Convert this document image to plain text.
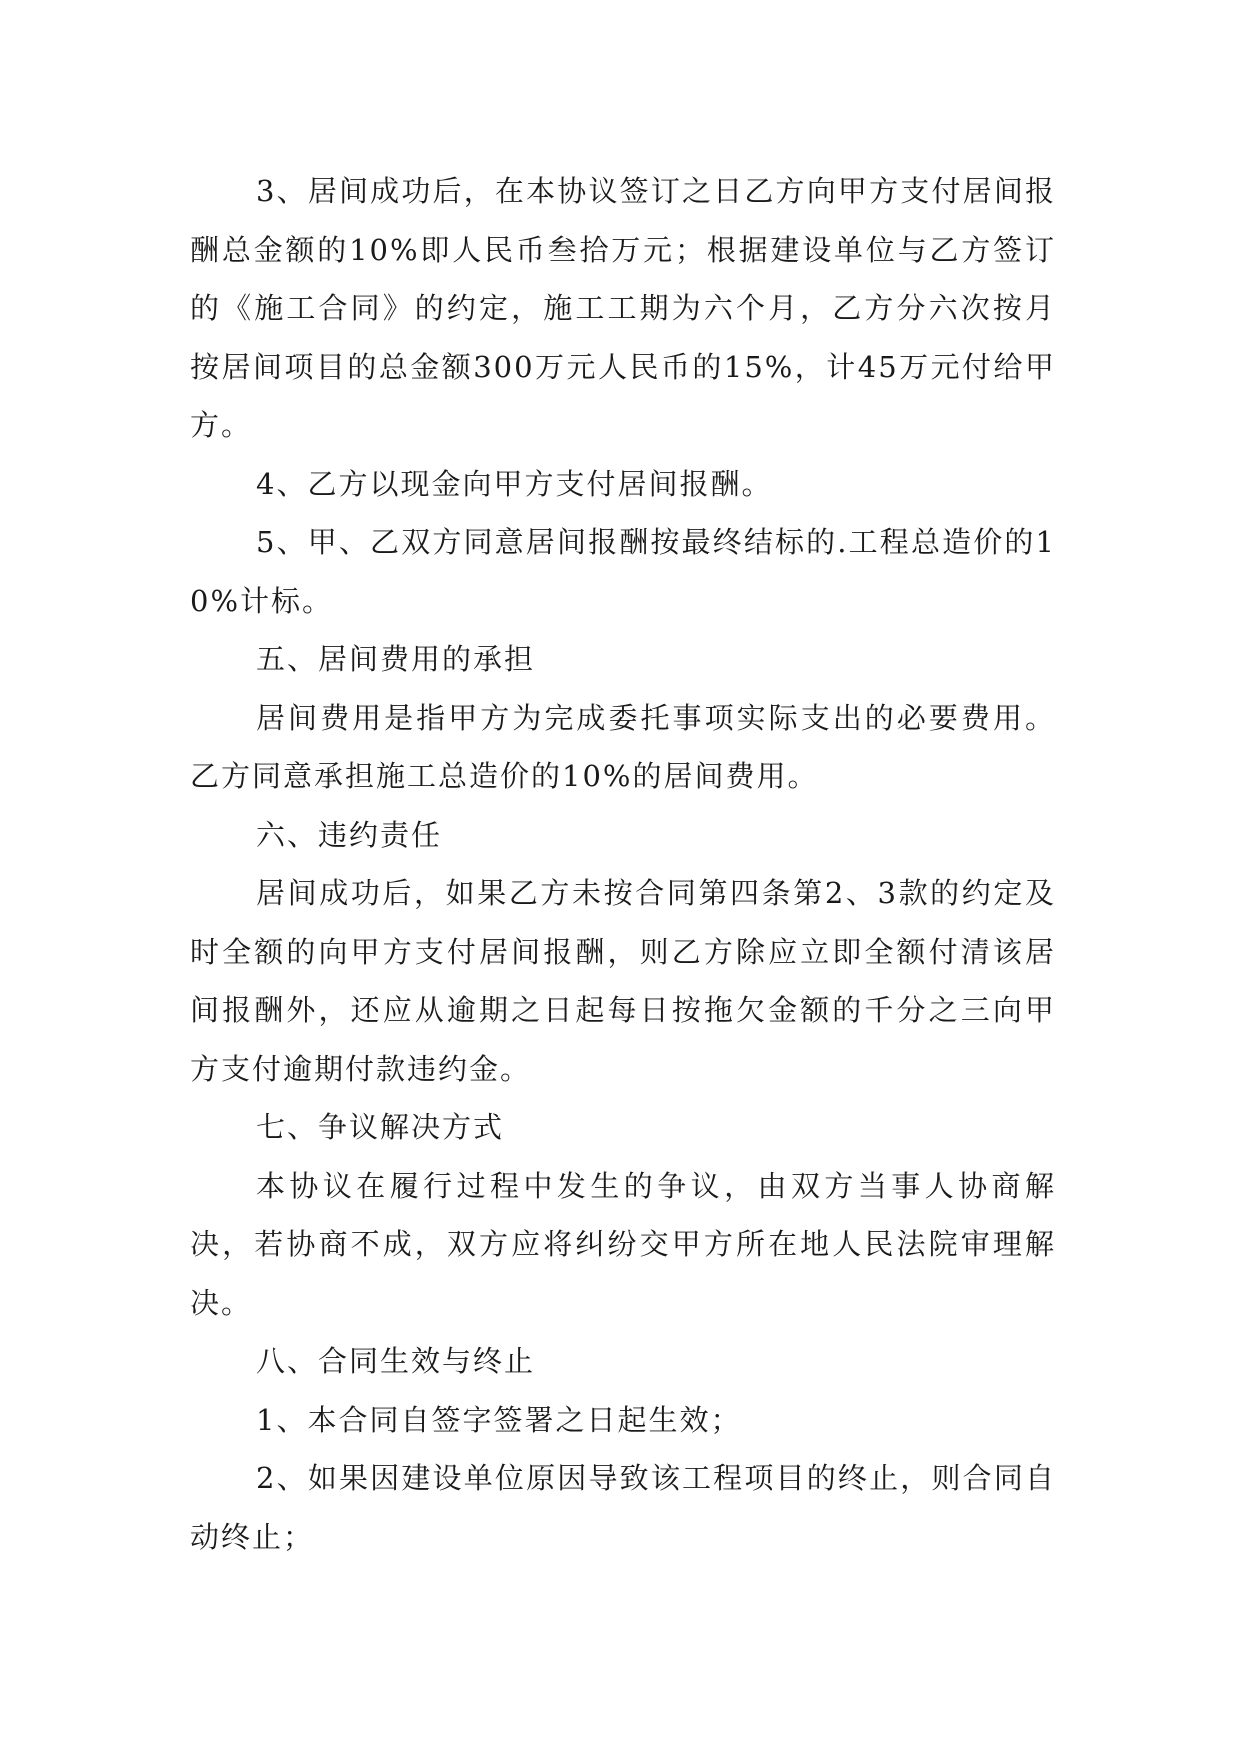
3、居间成功后，在本协议签订之日乙方向甲方支付居间报酬总金额的10%即人民币叁拾万元；根据建设单位与乙方签订的《施工合同》的约定，施工工期为六个月，乙方分六次按月按居间项目的总金额300万元人民币的15%，计45万元付给甲方。

4、乙方以现金向甲方支付居间报酬。

5、甲、乙双方同意居间报酬按最终结标的.工程总造价的10%计标。

五、居间费用的承担

居间费用是指甲方为完成委托事项实际支出的必要费用。乙方同意承担施工总造价的10%的居间费用。

六、违约责任

居间成功后，如果乙方未按合同第四条第2、3款的约定及时全额的向甲方支付居间报酬，则乙方除应立即全额付清该居间报酬外，还应从逾期之日起每日按拖欠金额的千分之三向甲方支付逾期付款违约金。

七、争议解决方式

本协议在履行过程中发生的争议，由双方当事人协商解决，若协商不成，双方应将纠纷交甲方所在地人民法院审理解决。

八、合同生效与终止

1、本合同自签字签署之日起生效；

2、如果因建设单位原因导致该工程项目的终止，则合同自动终止；
